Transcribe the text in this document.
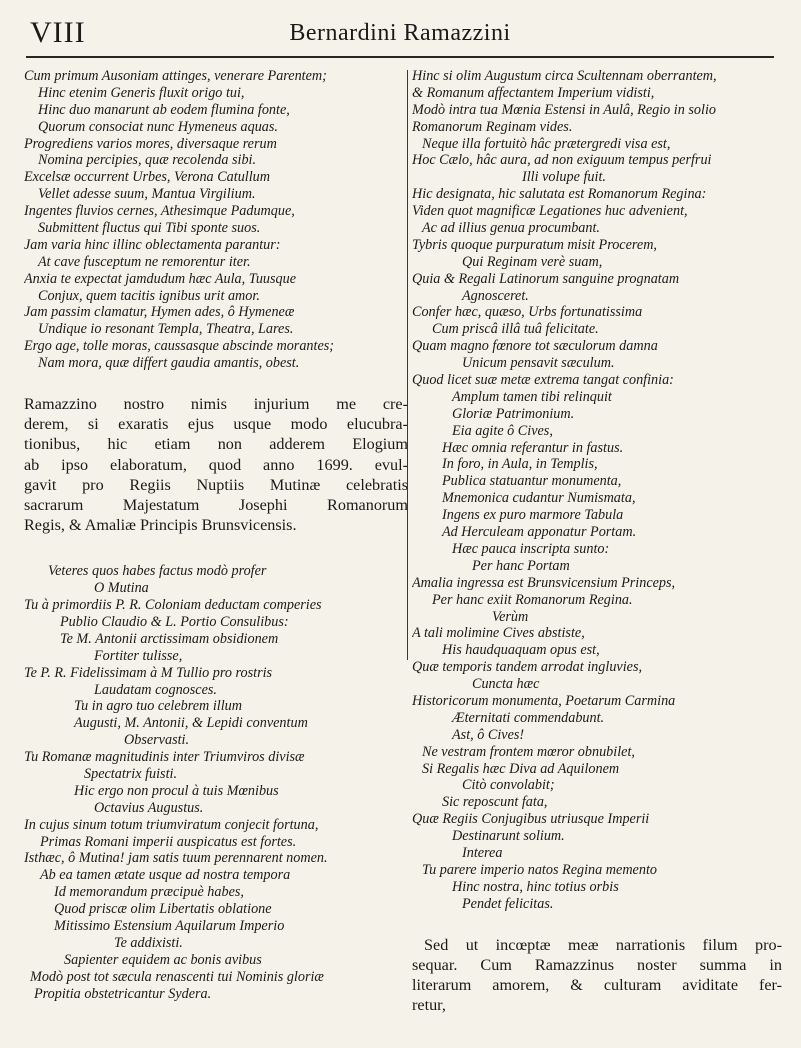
VIII	Bernardini Ramazzini
Cum primum Ausoniam attinges, venerare Parentem;
Hinc etenim Generis fluxit origo tui,
Hinc duo manarunt ab eodem flumina fonte,
Quorum consociat nunc Hymeneus aquas.
Progrediens varios mores, diversaque rerum
Nomina percipies, quæ recolenda sibi.
Excelsæ occurrent Urbes, Verona Catullum
Vellet adesse suum, Mantua Virgilium.
Ingentes fluvios cernes, Athesimque Padumque,
Submittent fluctus qui Tibi sponte suos.
Jam varia hinc illinc oblectamenta parantur:
At cave fusceptum ne remorentur iter.
Anxia te expectat jamdudum hæc Aula, Tuusque
Conjux, quem tacitis ignibus urit amor.
Jam passim clamatur, Hymen ades, ô Hymeneæ
Undique io resonant Templa, Theatra, Lares.
Ergo age, tolle moras, caussasque abscinde morantes;
Nam mora, quæ differt gaudia amantis, obest.
Ramazzino nostro nimis injurium me cre-
derem, si exaratis ejus usque modo elucubra-
tionibus, hic etiam non adderem Elogium
ab ipso elaboratum, quod anno 1699. evul-
gavit pro Regiis Nuptiis Mutinæ celebratis
sacrarum Majestatum Josephi Romanorum
Regis, & Amaliæ Principis Brunsvicensis.
Veteres quos habes factus modò profer
O Mutina
Tu à primordiis P. R. Coloniam deductam comperies
Publio Claudio & L. Portio Consulibus:
Te M. Antonii arctissimam obsidionem
Fortiter tulisse,
Te P. R. Fidelissimam à M Tullio pro rostris
Laudatam cognosces.
Tu in agro tuo celebrem illum
Augusti, M. Antonii, & Lepidi conventum
Observasti.
Tu Romanæ magnitudinis inter Triumviros divisæ
Spectatrix fuisti.
Hic ergo non procul à tuis Mœnibus
Octavius Augustus.
In cujus sinum totum triumviratum conjecit fortuna,
Primas Romani imperii auspicatus est fortes.
Isthæc, ô Mutina! jam satis tuum perennarent nomen.
Ab ea tamen ætate usque ad nostra tempora
Id memorandum præcipuè habes,
Quod priscæ olim Libertatis oblatione
Mitissimo Estensium Aquilarum Imperio
Te addixisti.
Sapienter equidem ac bonis avibus
Modò post tot sæcula renascenti tui Nominis gloriæ
Propitia obstetricantur Sydera.
Hinc si olim Augustum circa Scultennam oberrantem,
& Romanum affectantem Imperium vidisti,
Modò intra tua Mœnia Estensi in Aulâ, Regio in solio
Romanorum Reginam vides.
Neque illa fortuitò hâc prætergredi visa est,
Hoc Cælo, hâc aura, ad non exiguum tempus perfrui
Illi volupe fuit.
Hic designata, hic salutata est Romanorum Regina:
Viden quot magnificæ Legationes huc advenient,
Ac ad illius genua procumbant.
Tybris quoque purpuratum misit Procerem,
Qui Reginam verè suam,
Quia & Regali Latinorum sanguine prognatam
Agnosceret.
Confer hæc, quæso, Urbs fortunatissima
Cum priscâ illâ tuâ felicitate.
Quam magno fœnore tot sæculorum damna
Unicum pensavit sæculum.
Quod licet suæ metæ extrema tangat confinia:
Amplum tamen tibi relinquit
Gloriæ Patrimonium.
Eia agite ô Cives,
Hæc omnia referantur in fastus.
In foro, in Aula, in Templis,
Publica statuantur monumenta,
Mnemonica cudantur Numismata,
Ingens ex puro marmore Tabula
Ad Herculeam apponatur Portam.
Hæc pauca inscripta sunto:
Per hanc Portam
Amalia ingressa est Brunsvicensium Princeps,
Per hanc exiit Romanorum Regina.
Verùm
A tali molimine Cives abstiste,
His haudquaquam opus est,
Quæ temporis tandem arrodat ingluvies,
Cuncta hæc
Historicorum monumenta, Poetarum Carmina
Æternitati commendabunt.
Ast, ô Cives!
Ne vestram frontem mœror obnubilet,
Si Regalis hæc Diva ad Aquilonem
Citò convolabit;
Sic reposcunt fata,
Quæ Regiis Conjugibus utriusque Imperii
Destinarunt solium.
Interea
Tu parere imperio natos Regina memento
Hinc nostra, hinc totius orbis
Pendet felicitas.
Sed ut incœptæ meæ narrationis filum pro-
sequar. Cum Ramazzinus noster summa in
literarum amorem, & culturam aviditate fer-
retur,
